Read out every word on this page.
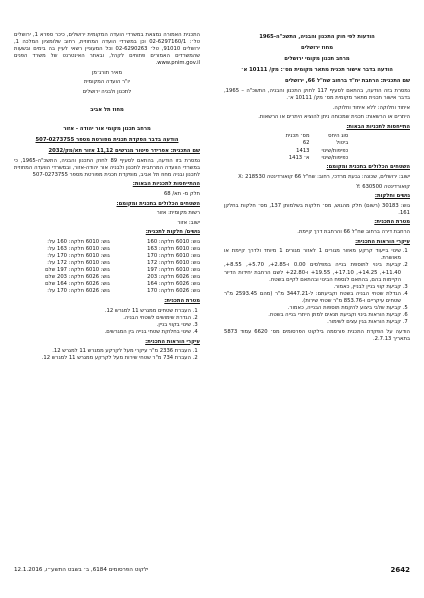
הודעות לפי חוק התכנון והבניה, התשכ"ה-1965

מחוז ירושלים

מרחב תכנון מקומי ירושלים

הודעה בדבר אישור תכנית מתאר מקומית מס׳: מק/ 10111 א׳

שם התכנית: הרחבת יח"ד ברחוב שח"ל 66, ירושלים

נמסרת בזה הודעה, בהתאם לסעיף 117 לחוק התכנון והבניה, התשכ"ה – 1965, בדבר אישור תכנית מתאר מקומית מס׳ מק/ 10111 א׳.

איחוד וחלוקה: ללא איחוד וחלוקה.

היתרים או הרשאות: תכנית שמכוחה ניתן להוציא היתרים או הרשאות.

התייחסות לתכניות הבאות:

סוג היחס	מס׳ תכנית
ביטול	62
כפיפות/שינוי	1413
כפיפות/שינוי	1413 א׳

השטחים הכלולים בתכנית ומקומם:

ישוב: ירושלים, שכונה: גבעת מרדכי, רחוב: שח"ל 66 קואורדינטה X: 218530

קואורדינטה Y: 630500

גושים וחלקות:

גוש: 30183 (רשום) חלק מהגוש, מס׳ חלקות בשלמותן 137, מס׳ חלקות בחלקן 161.

מטרת התכנית:

הרחבת דירה ברחוב שח"ל 66 והרחבת דרך קיימת.

עיקרי הוראות התכנית:

1. שינוי בייעוד קרקע מאזור מגורים 1 לאזור מגורים 1 מיוחד ולדרך קיימת או מאושרת.
2. קביעת בינוי לתוספת בנייה במפלסים 0.00 ו-2.85+, 5.70+, 8.55+, 11.40+, 14.25+, 17.10+, 19.55+ ו-22.80+ לשם הרחבת יחידות הדיור הקיימות בהם, בהתאם לנספח הבינוי ובהתאם לקיים בשטח.
3. קביעת קווי בניין לבניין, כאמור.
4. הגדלת שטחי הבניה בשטח וקביעתם: ל-3447.21 מ"ר (מהם 2593.45 מ"ר שטחים עיקריים ו-853.76 מ"ר שטחי שירות).
5. קביעת שלבי ביצוע להקמת תוספות הבנייה, כאמור.
6. קביעת הוראות בינוי וקביעת תנאים למתן היתרי בנייה בשטח.
7. קביעת הוראות בגין עצים לשימור.

הודעה על הפקדת התכנית פורסמה בילקוט הפרסומים מס׳ 6620 עמוד 5873 בתאריך 2.7.13.

התכנית האמורה נמצאת במשרדי הועדה המקומית ירושלים, כיכר ספרא 1, ירושלים טל׳: 02-6297160/1 וכן במשרדי הועדה המחוזית, רחוב שלומציון המלכה 1, ירושלים 91010, טל׳ 02-6290263 וכל המעוניין רשאי לעיין בה בימים ובשעות שהמשרדים האמורים פתוחים לקהל, ובאתר האינטרנט של משרד הפנים www.pnim.gov.il.

מאיר תורג׳מן

יו"ר הועדה המקומית

לתכנון ולבניה ירושלים

מחוז תל אביב

מרחב תכנון מקומי אור יהודה - אזור

הודעה בדבר הפקדת תכנית מפורטת מספר 507-0273755

שם התכנית: אפרידר פיטור מגרשים 11,12 אזור תא/מק/2032

נמסרת בזו הודעה, בהתאם לסעיף 89 לחוק התכנון והבניה, התשכ"ה-1965, כי במשרדי הוועדה המרחבית לתכנון ולבניה אור יהודה-אזור, ובמשרדי הוועדה המחוזית לתכנון ובניה מחוז תל אביב, מופקדת תכנית מפורטת מספר 507-0273755

ההתייחסות לתכניות הבאות:

חלק מ- תא/ 68

השטחים הכלולים בתכנית ומקומם:

רשות מקומית: אזור

ישוב: אזור

גושים/ חלקות לתכנית:

גוש: 6010 חלקה: 160	גוש: 6010 חלקה: 160 על:
גוש: 6010 חלקה: 163	גוש: 6010 חלקה: 163 על:
גוש: 6010 חלקה: 170	גוש: 6010 חלקה: 170 על:
גוש: 6010 חלקה: 172	גוש: 6010 חלקה: 172 על:
גוש: 6010 חלקה: 197	גוש: 6010 חלקה: 197 שלם
גוש: 6026 חלקה: 203	גוש: 6026 חלקה: 203 שלם
גוש: 6026 חלקה: 164	גוש: 6026 חלקה: 164 שלם
גוש: 6026 חלקה: 170	גוש: 6026 חלקה: 170 על:

מטרת התכנית:

1. העברת שטחים ממגרש 11 למגרש 12.
2. הגדרת שימושים לשטחי הבניה.
3. שינוי בקווי בניין.
4. שינוי בחלוקת שטחי בנייה בין המגרשים.

עיקרי הוראות התכנית:

1. העברת 2336 מ"ר עיקרי מעל לקרקע ממגרש 11 למגרש 12.
2. העברת 734 מ"ר שטחי שירות מעל לקרקע ממגרש 11 למגרש 12.
2642
ילקוט הפרסומים 6184, ב׳ בשבט התשע״ו, 12.1.2016
